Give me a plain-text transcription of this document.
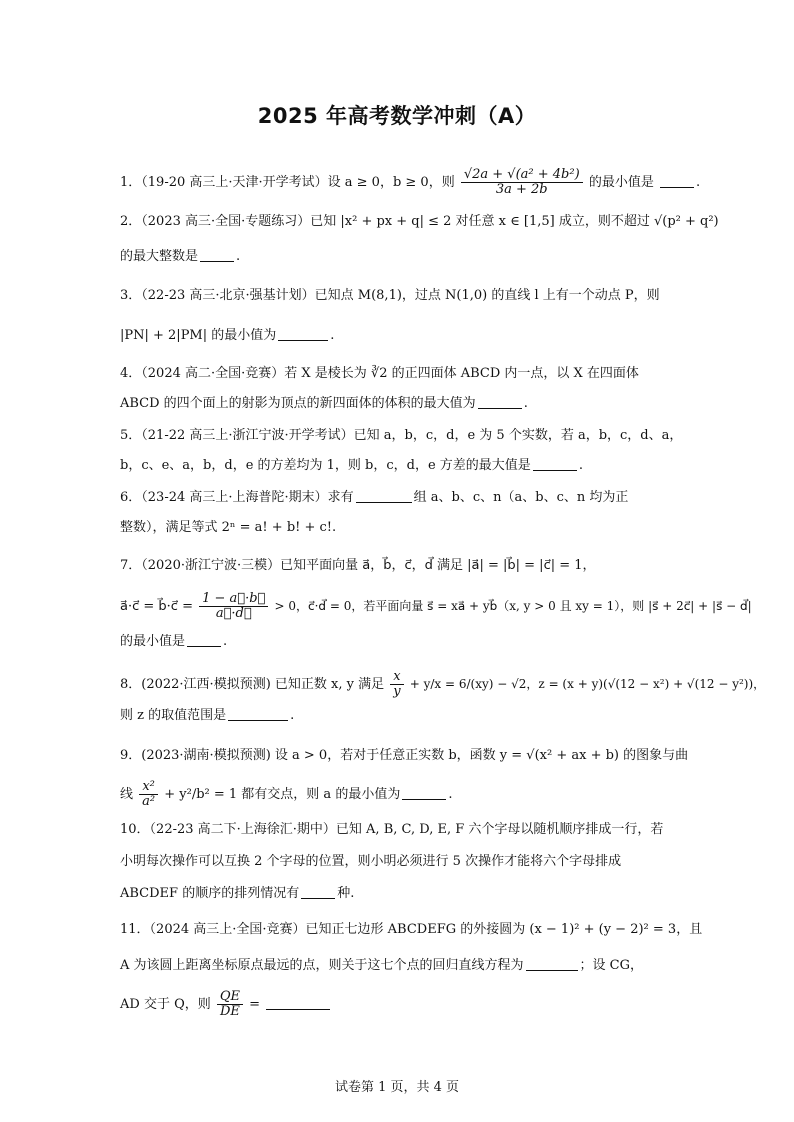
2025 年高考数学冲刺（A）
1．（19-20 高三上·天津·开学考试）设 a ≥ 0，b ≥ 0，则 $\frac{\text{√2a + √(a² + 4b²)}}{3a + 2b}$ 的最小值是	.
2．（2023 高三·全国·专题练习）已知 |x² + px + q| ≤ 2 对任意 x ∈ [1,5] 成立，则不超过 √(p² + q²)
的最大整数是	.
3．（22-23 高三·北京·强基计划）已知点 M(8,1)，过点 N(1,0) 的直线 l 上有一个动点 P，则
|PN| + 2|PM| 的最小值为	.
4．（2024 高二·全国·竞赛）若 X 是棱长为 ∛2 的正四面体 ABCD 内一点，以 X 在四面体
ABCD 的四个面上的射影为顶点的新四面体的体积的最大值为	.
5．（21-22 高三上·浙江宁波·开学考试）已知 a，b，c，d，e 为 5 个实数，若 a，b，c，d、a，
b，c、e、a，b，d，e 的方差均为 1，则 b，c，d，e 方差的最大值是	.
6．（23-24 高三上·上海普陀·期末）求有	组 a、b、c、n（a、b、c、n 均为正
整数），满足等式 2ⁿ = a! + b! + c!.
7．（2020·浙江宁波·三模）已知平面向量 a⃗，b⃗，c⃗，d⃗ 满足 |a⃗| = |b⃗| = |c⃗| = 1，
a⃗·c⃗ = b⃗·c⃗ = $\frac{1 - a⃗\cdot b⃗}{a⃗\cdot d⃗} > 0$，c⃗·d⃗ = 0，若平面向量 s⃗ = xa⃗ + yb⃗（x, y > 0 且 xy = 1），则 |s⃗ + 2c⃗| + |s⃗ − d⃗|
的最小值是	.
8．(2022·江西·模拟预测) 已知正数 x, y 满足 $\frac{x}{y} + y/x = 6/(xy) - √2$，z = (x + y)(√(12 − x²) + √(12 − y²))，
则 z 的取值范围是	.
9．(2023·湖南·模拟预测) 设 a > 0，若对于任意正实数 b，函数 y = √(x² + ax + b) 的图象与曲
线 $\frac{\text{x²}}{\text{a²}} + y^2/b^2 = 1$ 都有交点，则 a 的最小值为	.
10．（22-23 高二下·上海徐汇·期中）已知 A, B, C, D, E, F 六个字母以随机顺序排成一行，若
小明每次操作可以互换 2 个字母的位置，则小明必须进行 5 次操作才能将六个字母排成
ABCDEF 的顺序的排列情况有	种.
11．（2024 高三上·全国·竞赛）已知正七边形 ABCDEFG 的外接圆为 (x − 1)² + (y − 2)² = 3，且
A 为该圆上距离坐标原点最远的点，则关于这七个点的回归直线方程为	；设 CG，
AD 交于 Q，则 $\frac{QE}{DE}$ =
试卷第 1 页，共 4 页
